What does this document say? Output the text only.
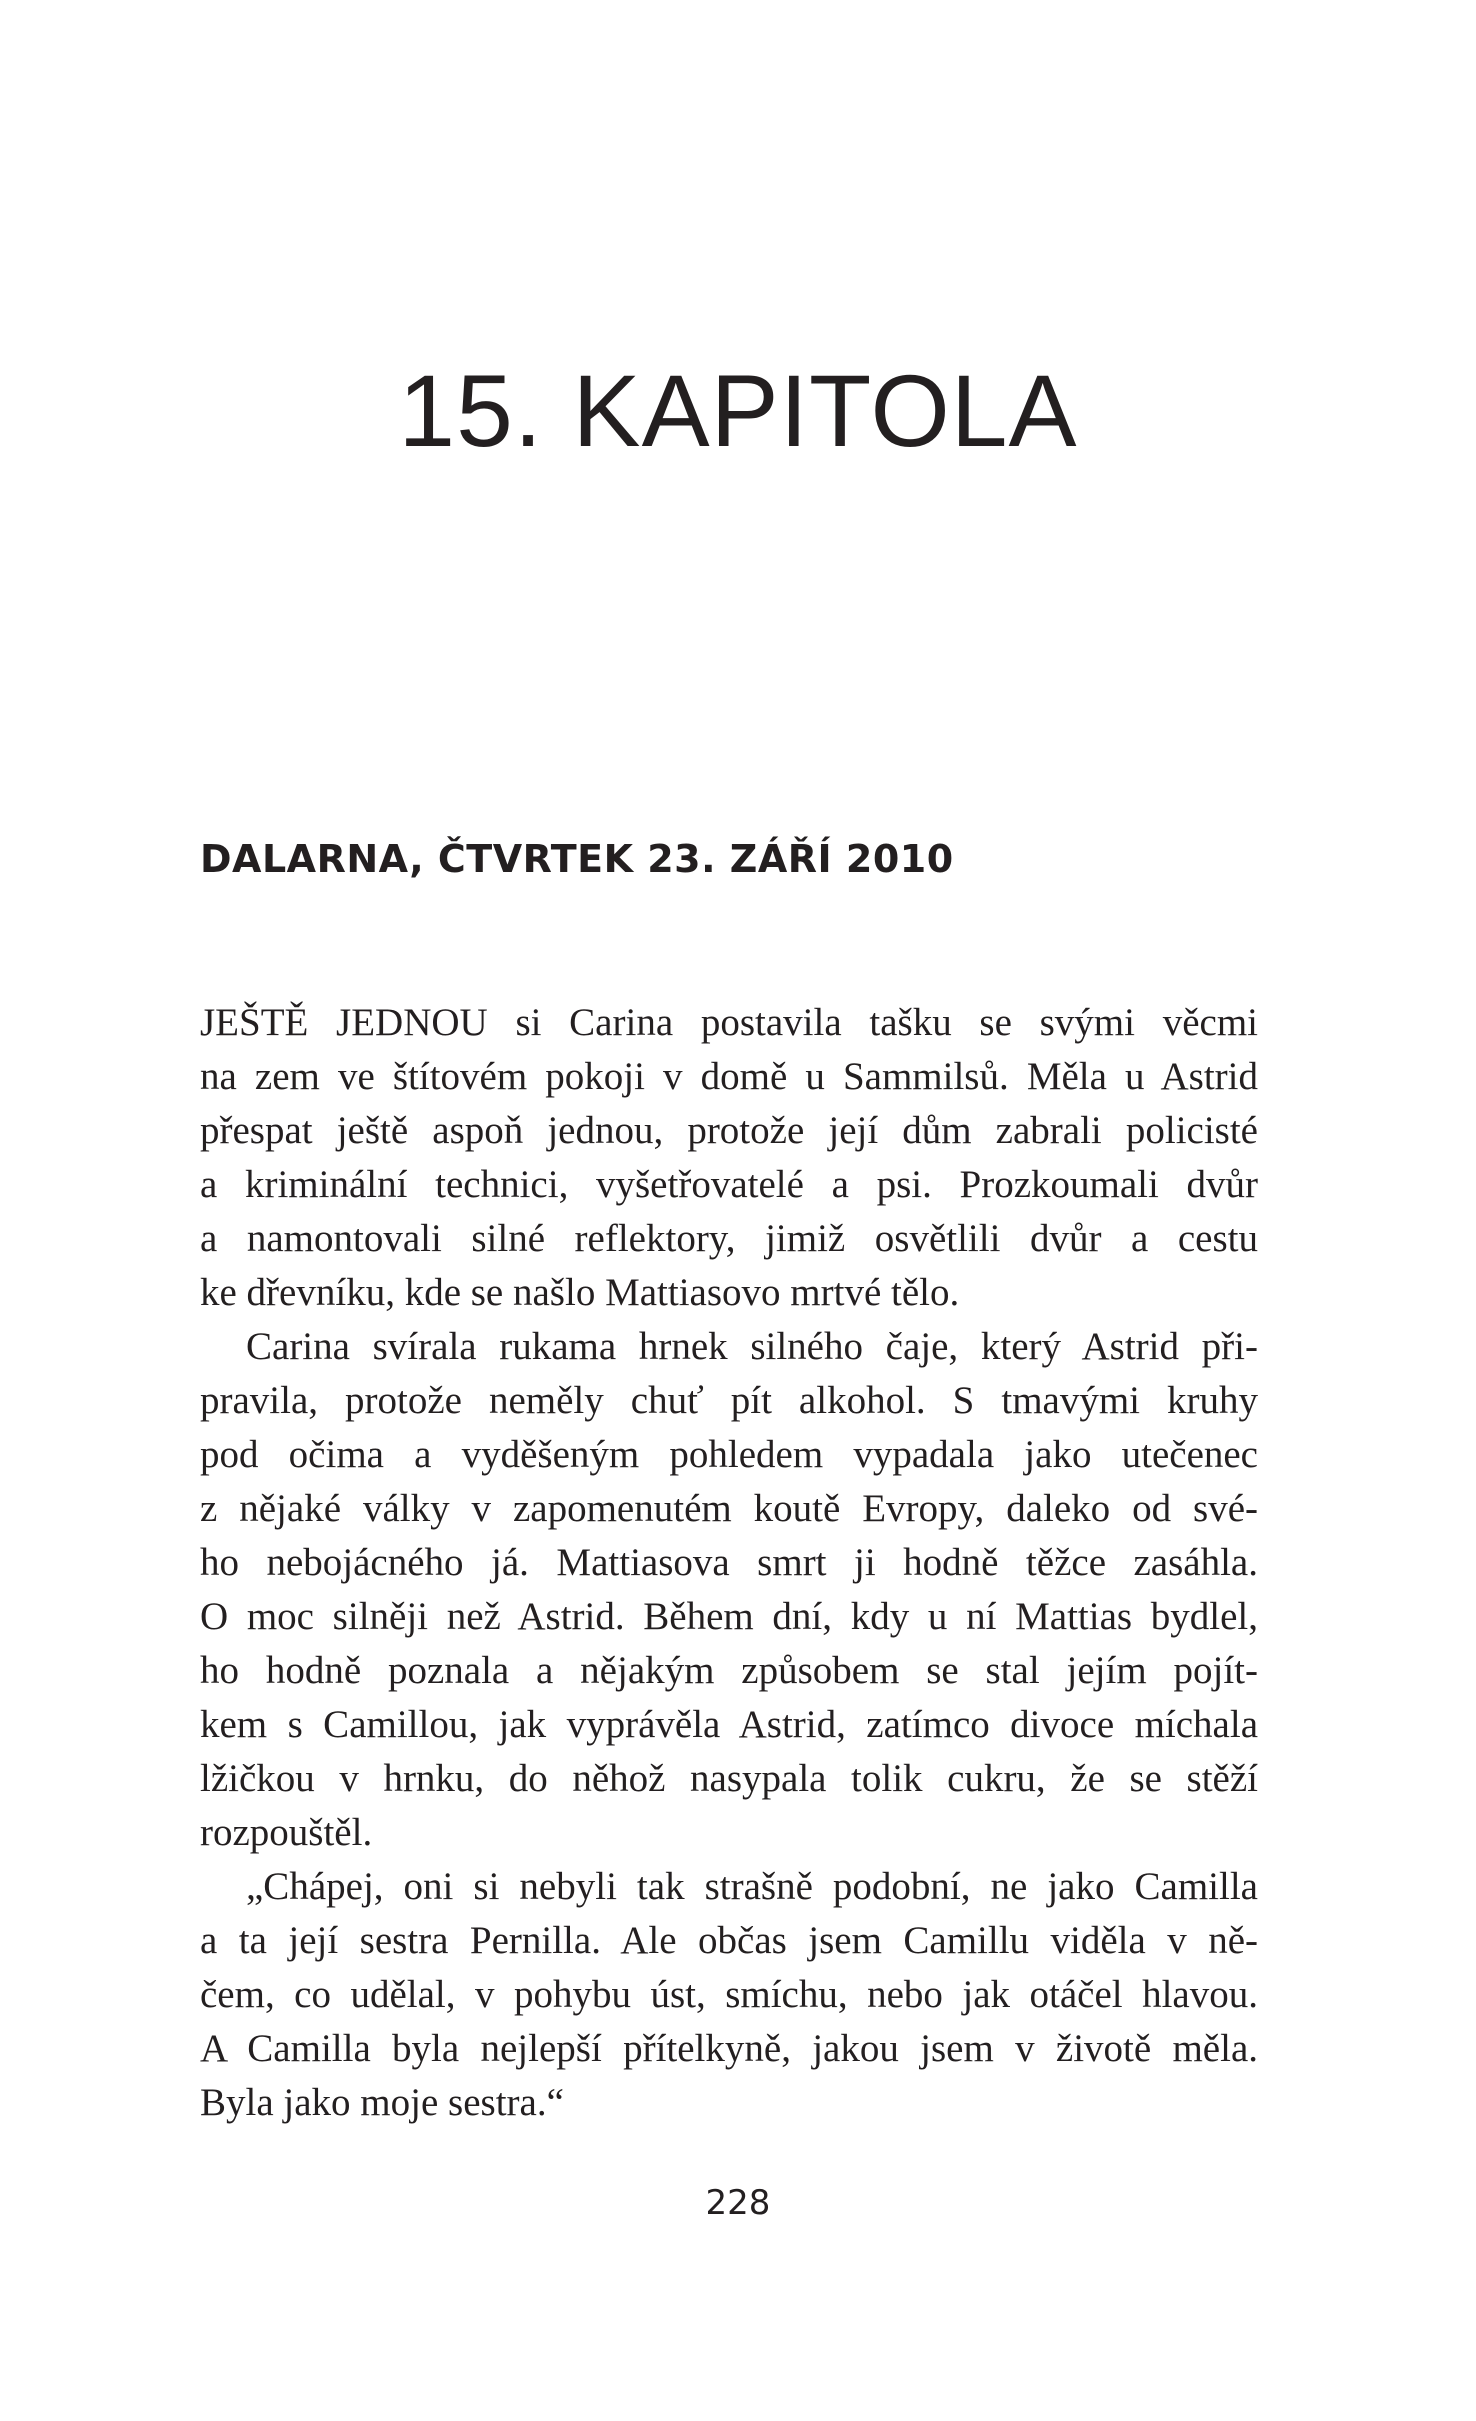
15. KAPITOLA
DALARNA, ČTVRTEK 23. ZÁŘÍ 2010
JEŠTĚ JEDNOU si Carina postavila tašku se svými věcmi
na zem ve štítovém pokoji v domě u Sammilsů. Měla u Astrid
přespat ještě aspoň jednou, protože její dům zabrali policisté
a kriminální technici, vyšetřovatelé a psi. Prozkoumali dvůr
a namontovali silné reflektory, jimiž osvětlili dvůr a cestu
ke dřevníku, kde se našlo Mattiasovo mrtvé tělo.
Carina svírala rukama hrnek silného čaje, který Astrid při-
pravila, protože neměly chuť pít alkohol. S tmavými kruhy
pod očima a vyděšeným pohledem vypadala jako utečenec
z nějaké války v zapomenutém koutě Evropy, daleko od své-
ho nebojácného já. Mattiasova smrt ji hodně těžce zasáhla.
O moc silněji než Astrid. Během dní, kdy u ní Mattias bydlel,
ho hodně poznala a nějakým způsobem se stal jejím pojít-
kem s Camillou, jak vyprávěla Astrid, zatímco divoce míchala
lžičkou v hrnku, do něhož nasypala tolik cukru, že se stěží
rozpouštěl.
„Chápej, oni si nebyli tak strašně podobní, ne jako Camilla
a ta její sestra Pernilla. Ale občas jsem Camillu viděla v ně-
čem, co udělal, v pohybu úst, smíchu, nebo jak otáčel hlavou.
A Camilla byla nejlepší přítelkyně, jakou jsem v životě měla.
Byla jako moje sestra.“
228
